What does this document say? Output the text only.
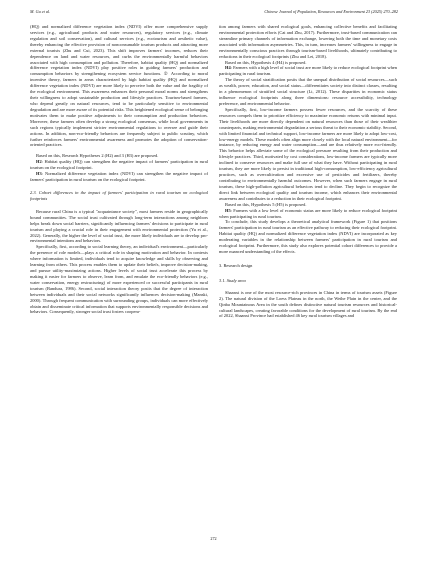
M. Gu et al.	Chinese Journal of Population, Resources and Environment 23 (2025) 270–282

(HQ) and normalized difference vegetation index (NDVI) offer more comprehensive supply services (e.g., agricultural products and water resources), regulatory services (e.g., climate regulation and soil conservation), and cultural services (e.g., ecotourism and aesthetic value), thereby enhancing the effective provision of nonconsumable tourism products and attracting more external tourists (Zhu and Cui, 2023). This shift improves farmers' incomes, reduces their dependence on land and water resources, and curbs the environmentally harmful behaviors associated with high consumption and pollution. Therefore, habitat quality (HQ) and normalized difference vegetation index (NDVI) play positive roles in guiding farmers' production and consumption behaviors by strengthening ecosystem service functions. ② According to moral incentive theory, farmers in areas characterized by high habitat quality (HQ) and normalized difference vegetation index (NDVI) are more likely to perceive both the value and the fragility of the ecological environment. This awareness enhances their personal moral norms and strengthens their willingness to adopt sustainable production and lifestyle practices. Tourism-based farmers, who depend greatly on natural resources, tend to be particularly sensitive to environmental degradation and are more aware of its potential risks. This heightened ecological sense of belonging motivates them to make positive adjustments to their consumption and production behaviors. Moreover, these farmers often develop a strong ecological consensus, while local governments in such regions typically implement stricter environmental regulations to oversee and guide their actions. In addition, non-eco-friendly behaviors are frequently subject to public scrutiny, which further reinforces farmers' environmental awareness and promotes the adoption of conservation-oriented practices.

Based on this, Research Hypotheses 2 (H2) and 3 (H3) are proposed.

H2: Habitat quality (HQ) can strengthen the negative impact of farmers' participation in rural tourism on the ecological footprint.

H3: Normalized difference vegetation index (NDVI) can strengthen the negative impact of farmers' participation in rural tourism on the ecological footprint.

2.3. Cohort differences in the impact of farmers' participation in rural tourism on ecological footprints

Because rural China is a typical "acquaintance society", most farmers reside in geographically bound communities. The social trust cultivated through long-term interactions among neighbors helps break down social barriers, significantly influencing farmers' decisions to participate in rural tourism and playing a crucial role in their engagement with environmental protection (Yu et al., 2022). Generally, the higher the level of social trust, the more likely individuals are to develop pro-environmental intentions and behaviors.

Specifically, first, according to social learning theory, an individual's environment—particularly the presence of role models—plays a critical role in shaping motivation and behavior. In contexts where information is limited, individuals tend to acquire knowledge and skills by observing and learning from others. This process enables them to update their beliefs, improve decision-making, and pursue utility-maximizing actions. Higher levels of social trust accelerate this process by making it easier for farmers to observe, learn from, and emulate the eco-friendly behaviors (e.g., water conservation, energy restructuring) of more experienced or successful participants in rural tourism (Bandura, 1986). Second, social interaction theory posits that the degree of interaction between individuals and their social networks significantly influences decision-making (Manski, 2000). Through frequent communication with surrounding groups, individuals can more effectively obtain and disseminate critical information that supports environmentally responsible decisions and behaviors. Consequently, stronger social trust fosters coopera-

tion among farmers with shared ecological goals, enhancing collective benefits and facilitating environmental protection efforts (Cai and Zhu, 2017). Furthermore, trust-based communication can streamline primary channels of information exchange, lowering both the time and monetary costs associated with information asymmetries. This, in turn, increases farmers' willingness to engage in environmentally conscious practices through tourism-based livelihoods, ultimately contributing to reductions in their ecological footprints (Zhu and Lei, 2018).

Based on this, Hypothesis 4 (H4) is proposed.

H4: Farmers with a high level of social trust are more likely to reduce ecological footprint when participating in rural tourism.

The theory of social stratification posits that the unequal distribution of social resources—such as wealth, power, education, and social status—differentiates society into distinct classes, resulting in a phenomenon of stratified social structure (Li, 2012). These disparities in economic status influence ecological footprints along three dimensions: resource accessibility, technology preference, and environmental behavior.

Specifically, first, low-income farmers possess fewer resources, and the scarcity of these resources compels them to prioritize efficiency to maximize economic returns with minimal input. Their livelihoods are more directly dependent on natural resources than those of their wealthier counterparts, making environmental degradation a serious threat to their economic stability. Second, with limited financial and technical support, low-income farmers are more likely to adopt low-cost, low-energy models. These models often align more closely with the local natural environment—for instance, by reducing energy and water consumption—and are thus relatively more eco-friendly. This behavior helps alleviate some of the ecological pressure resulting from their production and lifestyle practices. Third, motivated by cost considerations, low-income farmers are typically more inclined to conserve resources and make full use of what they have. Without participating in rural tourism, they are more likely to persist in traditional high-consumption, low-efficiency agricultural practices, such as overcultivation and excessive use of pesticides and fertilizers, thereby contributing to environmentally harmful outcomes. However, when such farmers engage in rural tourism, these high-pollution agricultural behaviors tend to decline. They begin to recognize the direct link between ecological quality and tourism income, which enhances their environmental awareness and contributes to a reduction in their ecological footprint.

Based on this, Hypothesis 5 (H5) is proposed.

H5: Farmers with a low level of economic status are more likely to reduce ecological footprint when participating in rural tourism.

To conclude, this study develops a theoretical analytical framework (Figure 1) that positions farmers' participation in rural tourism as an effective pathway to reducing their ecological footprint. Habitat quality (HQ) and normalized difference vegetation index (NDVI) are incorporated as key moderating variables in the relationship between farmers' participation in rural tourism and ecological footprint. Furthermore, this study also explores potential cohort differences to provide a more nuanced understanding of the effects.

3. Research design

3.1. Study area

Shaanxi is one of the most resource-rich provinces in China in terms of tourism assets (Figure 2). The natural division of the Loess Plateau in the north, the Weihe Plain in the center, and the Qinba Mountainous Area in the south defines distinctive natural tourism resources and historical-cultural landscapes, creating favorable conditions for the development of rural tourism. By the end of 2022, Shaanxi Province had established 46 key rural tourism villages and

272
